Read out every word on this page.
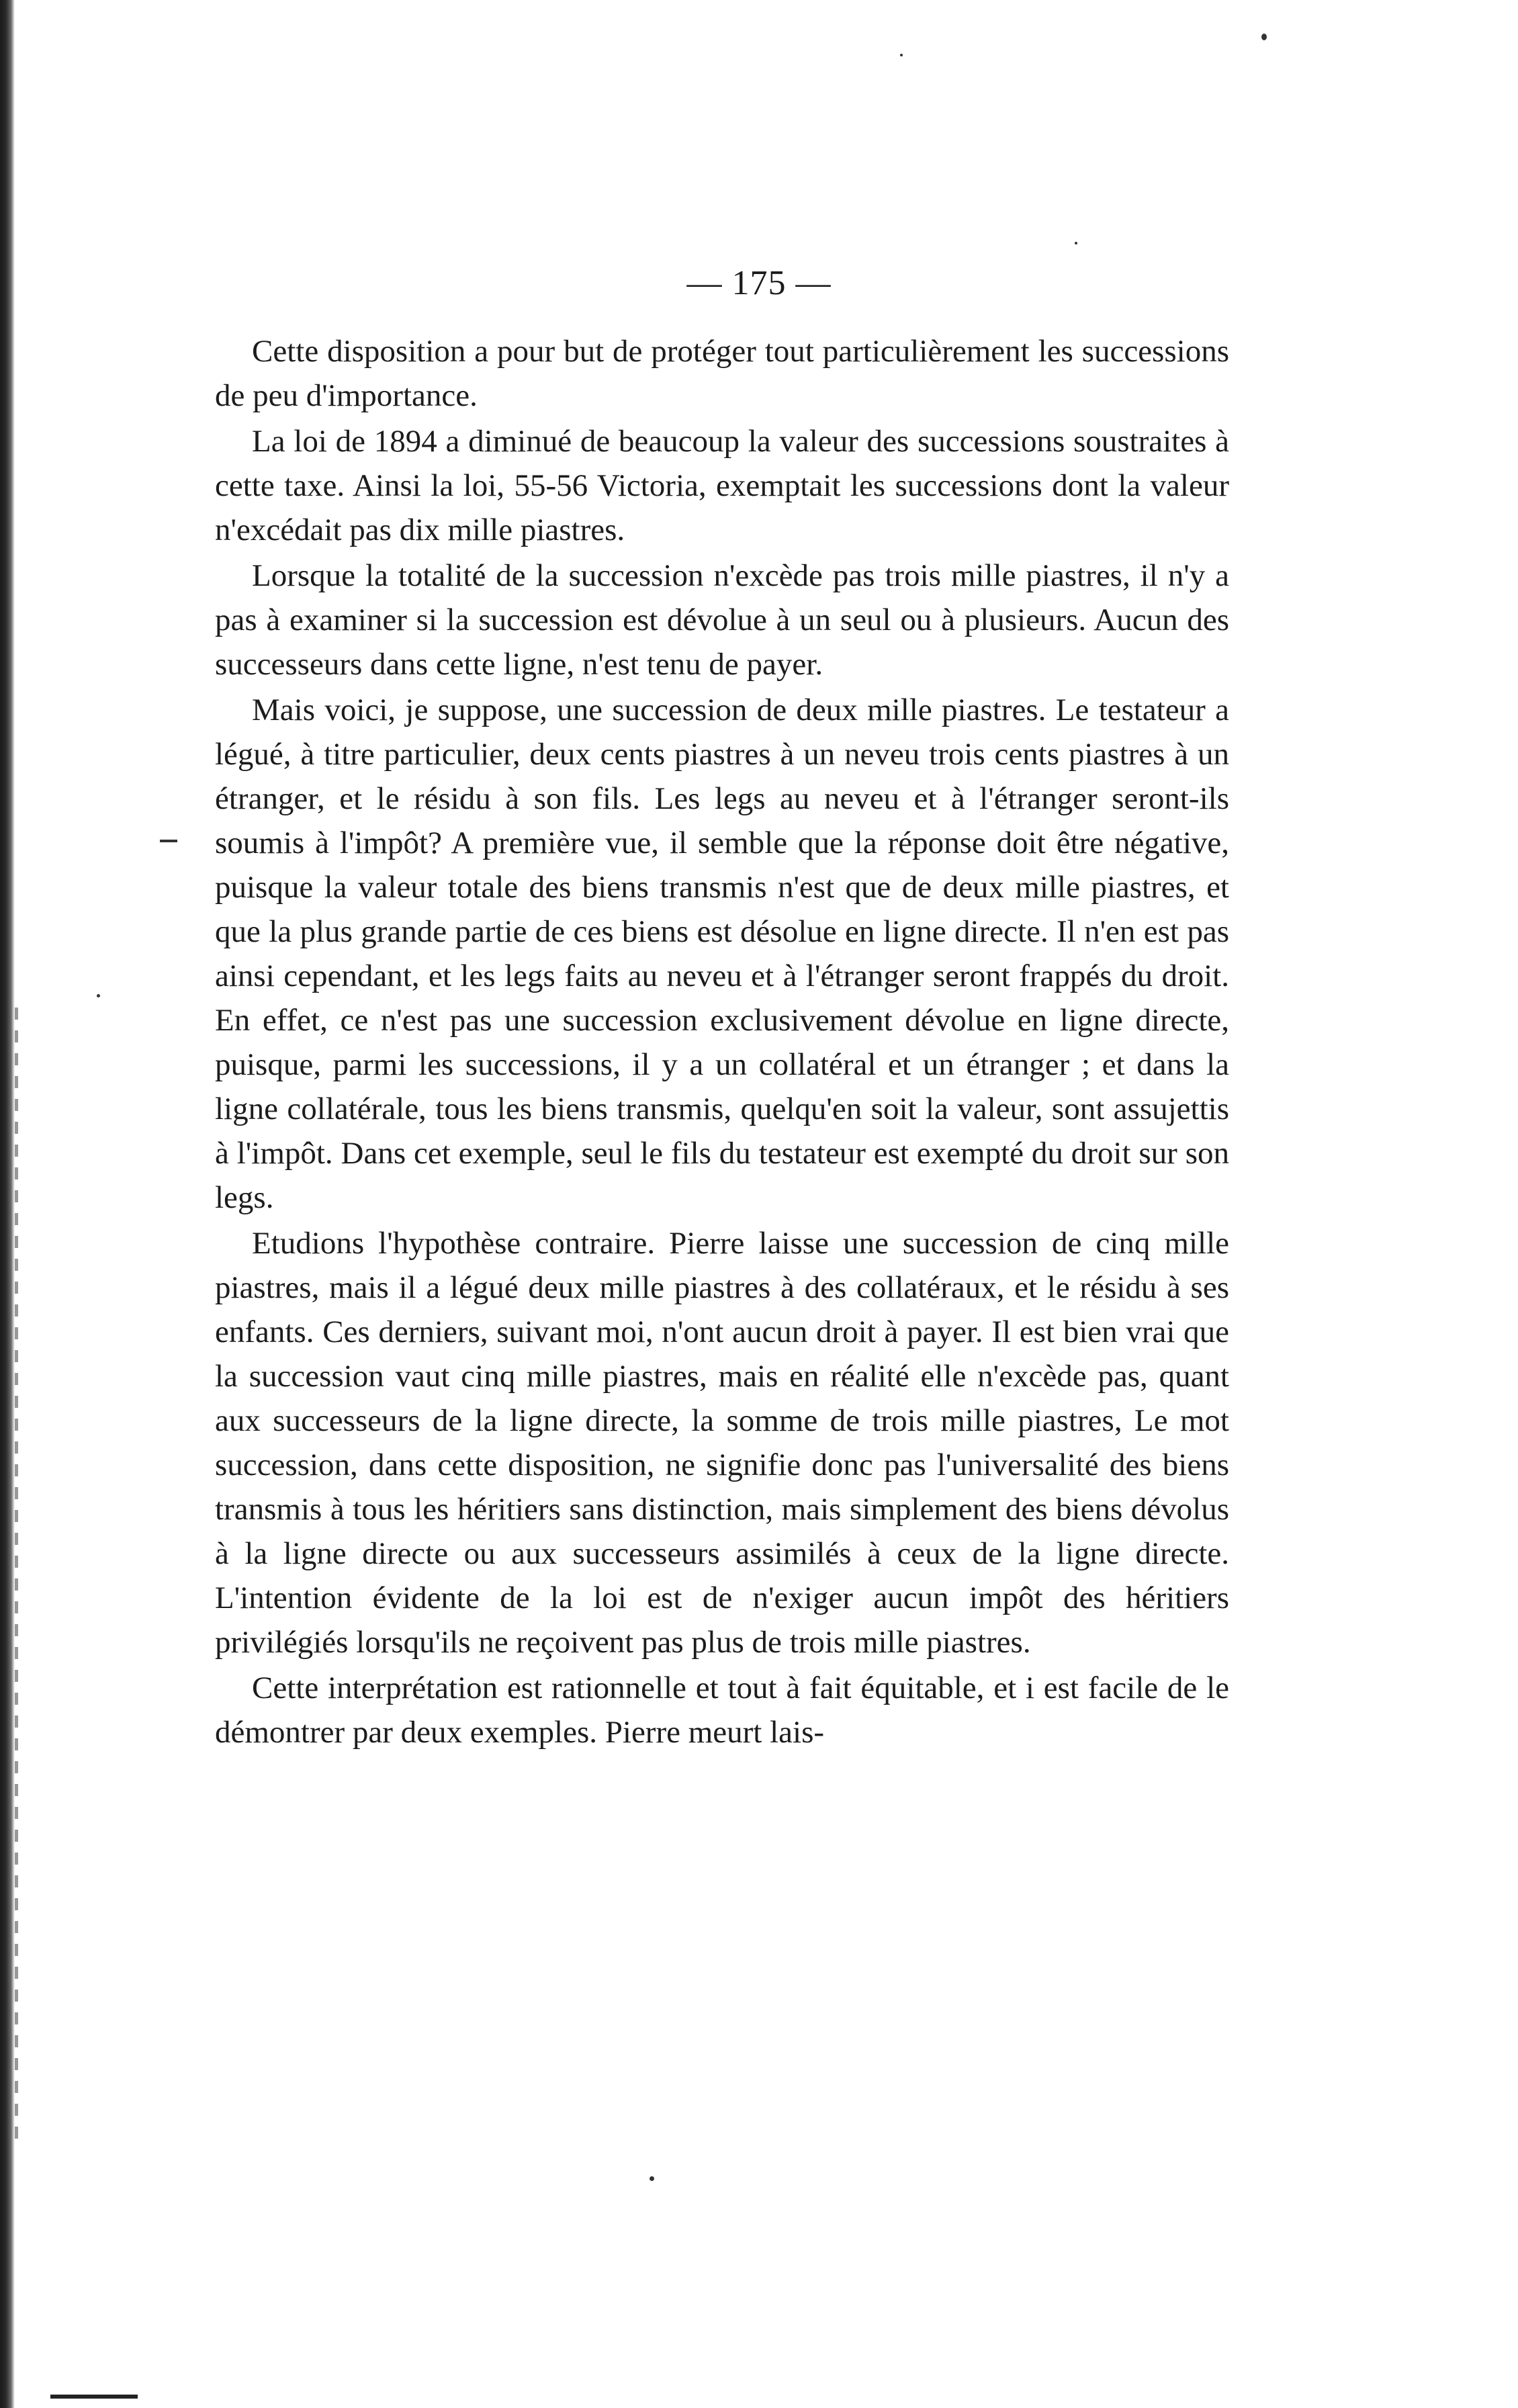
— 175 —

Cette disposition a pour but de protéger tout particulièrement les successions de peu d'importance.

La loi de 1894 a diminué de beaucoup la valeur des successions soustraites à cette taxe. Ainsi la loi, 55-56 Victoria, exemptait les successions dont la valeur n'excédait pas dix mille piastres.

Lorsque la totalité de la succession n'excède pas trois mille piastres, il n'y a pas à examiner si la succession est dévolue à un seul ou à plusieurs. Aucun des successeurs dans cette ligne, n'est tenu de payer.

Mais voici, je suppose, une succession de deux mille piastres. Le testateur a légué, à titre particulier, deux cents piastres à un neveu trois cents piastres à un étranger, et le résidu à son fils. Les legs au neveu et à l'étranger seront-ils soumis à l'impôt? A première vue, il semble que la réponse doit être négative, puisque la valeur totale des biens transmis n'est que de deux mille piastres, et que la plus grande partie de ces biens est désolue en ligne directe. Il n'en est pas ainsi cependant, et les legs faits au neveu et à l'étranger seront frappés du droit. En effet, ce n'est pas une succession exclusivement dévolue en ligne directe, puisque, parmi les successions, il y a un collatéral et un étranger ; et dans la ligne collatérale, tous les biens transmis, quelqu'en soit la valeur, sont assujettis à l'impôt. Dans cet exemple, seul le fils du testateur est exempté du droit sur son legs.

Etudions l'hypothèse contraire. Pierre laisse une succession de cinq mille piastres, mais il a légué deux mille piastres à des collatéraux, et le résidu à ses enfants. Ces derniers, suivant moi, n'ont aucun droit à payer. Il est bien vrai que la succession vaut cinq mille piastres, mais en réalité elle n'excède pas, quant aux successeurs de la ligne directe, la somme de trois mille piastres, Le mot succession, dans cette disposition, ne signifie donc pas l'universalité des biens transmis à tous les héritiers sans distinction, mais simplement des biens dévolus à la ligne directe ou aux successeurs assimilés à ceux de la ligne directe. L'intention évidente de la loi est de n'exiger aucun impôt des héritiers privilégiés lorsqu'ils ne reçoivent pas plus de trois mille piastres.

Cette interprétation est rationnelle et tout à fait équitable, et i est facile de le démontrer par deux exemples. Pierre meurt lais-
